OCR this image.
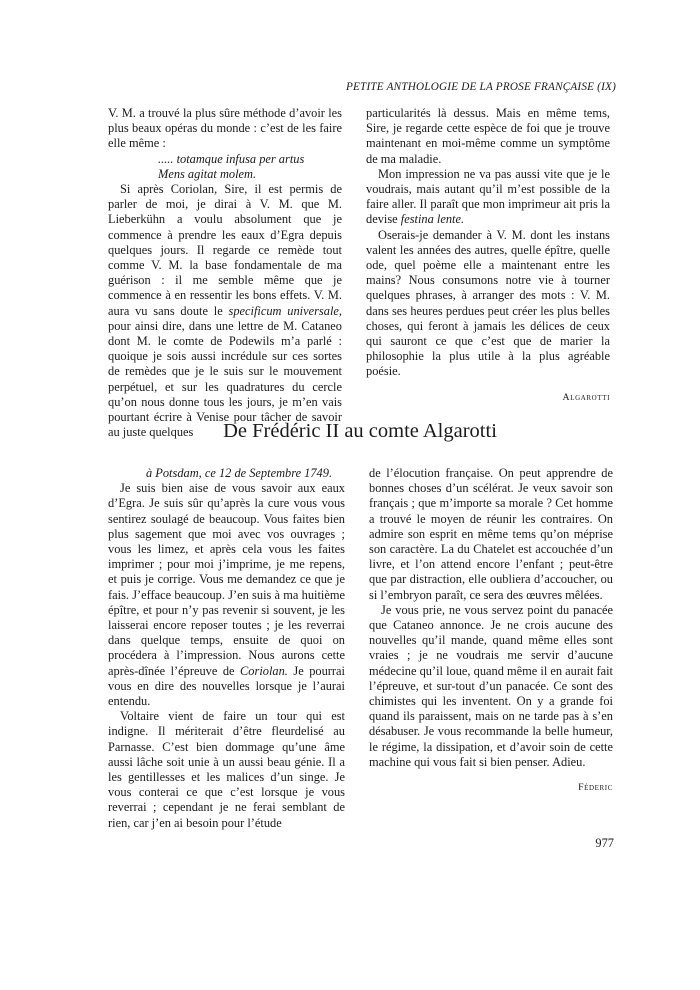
PETITE ANTHOLOGIE DE LA PROSE FRANÇAISE (IX)

V. M. a trouvé la plus sûre méthode d’avoir les plus beaux opéras du monde : c’est de les faire elle même :

..... totamque infusa per artus

Mens agitat molem.

Si après Coriolan, Sire, il est permis de parler de moi, je dirai à V. M. que M. Lieberkühn a voulu absolument que je commence à prendre les eaux d’Egra depuis quelques jours. Il regarde ce remède tout comme V. M. la base fondamentale de ma guérison : il me semble même que je commence à en ressentir les bons effets. V. M. aura vu sans doute le specificum universale, pour ainsi dire, dans une lettre de M. Cataneo dont M. le comte de Podewils m’a parlé : quoique je sois aussi incrédule sur ces sortes de remèdes que je le suis sur le mouvement perpétuel, et sur les quadratures du cercle qu’on nous donne tous les jours, je m’en vais pourtant écrire à Venise pour tâcher de savoir au juste quelques

particularités là dessus. Mais en même tems, Sire, je regarde cette espèce de foi que je trouve maintenant en moi-même comme un symptôme de ma maladie.

Mon impression ne va pas aussi vite que je le voudrais, mais autant qu’il m’est possible de la faire aller. Il paraît que mon imprimeur ait pris la devise festina lente.

Oserais-je demander à V. M. dont les instans valent les années des autres, quelle épître, quelle ode, quel poème elle a maintenant entre les mains? Nous consumons notre vie à tourner quelques phrases, à arranger des mots : V. M. dans ses heures perdues peut créer les plus belles choses, qui feront à jamais les délices de ceux qui sauront ce que c’est que de marier la philosophie la plus utile à la plus agréable poésie.

Algarotti
De Frédéric II au comte Algarotti

à Potsdam, ce 12 de Septembre 1749.

Je suis bien aise de vous savoir aux eaux d’Egra. Je suis sûr qu’après la cure vous vous sentirez soulagé de beaucoup. Vous faites bien plus sagement que moi avec vos ouvrages ; vous les limez, et après cela vous les faites imprimer ; pour moi j’imprime, je me repens, et puis je corrige. Vous me demandez ce que je fais. J’efface beaucoup. J’en suis à ma huitième épître, et pour n’y pas revenir si souvent, je les laisserai encore reposer toutes ; je les reverrai dans quelque temps, ensuite de quoi on procédera à l’impression. Nous aurons cette après-dînée l’épreuve de Coriolan. Je pourrai vous en dire des nouvelles lorsque je l’aurai entendu.

Voltaire vient de faire un tour qui est indigne. Il mériterait d’être fleurdelisé au Parnasse. C’est bien dommage qu’une âme aussi lâche soit unie à un aussi beau génie. Il a les gentillesses et les malices d’un singe. Je vous conterai ce que c’est lorsque je vous reverrai ; cependant je ne ferai semblant de rien, car j’en ai besoin pour l’étude

de l’élocution française. On peut apprendre de bonnes choses d’un scélérat. Je veux savoir son français ; que m’importe sa morale ? Cet homme a trouvé le moyen de réunir les contraires. On admire son esprit en même tems qu’on méprise son caractère. La du Chatelet est accouchée d’un livre, et l’on attend encore l’enfant ; peut-être que par distraction, elle oubliera d’accoucher, ou si l’embryon paraît, ce sera des œuvres mêlées.

Je vous prie, ne vous servez point du panacée que Cataneo annonce. Je ne crois aucune des nouvelles qu’il mande, quand même elles sont vraies ; je ne voudrais me servir d’aucune médecine qu’il loue, quand même il en aurait fait l’épreuve, et sur-tout d’un panacée. Ce sont des chimistes qui les inventent. On y a grande foi quand ils paraissent, mais on ne tarde pas à s’en désabuser. Je vous recommande la belle humeur, le régime, la dissipation, et d’avoir soin de cette machine qui vous fait si bien penser. Adieu.

Féderic
977
